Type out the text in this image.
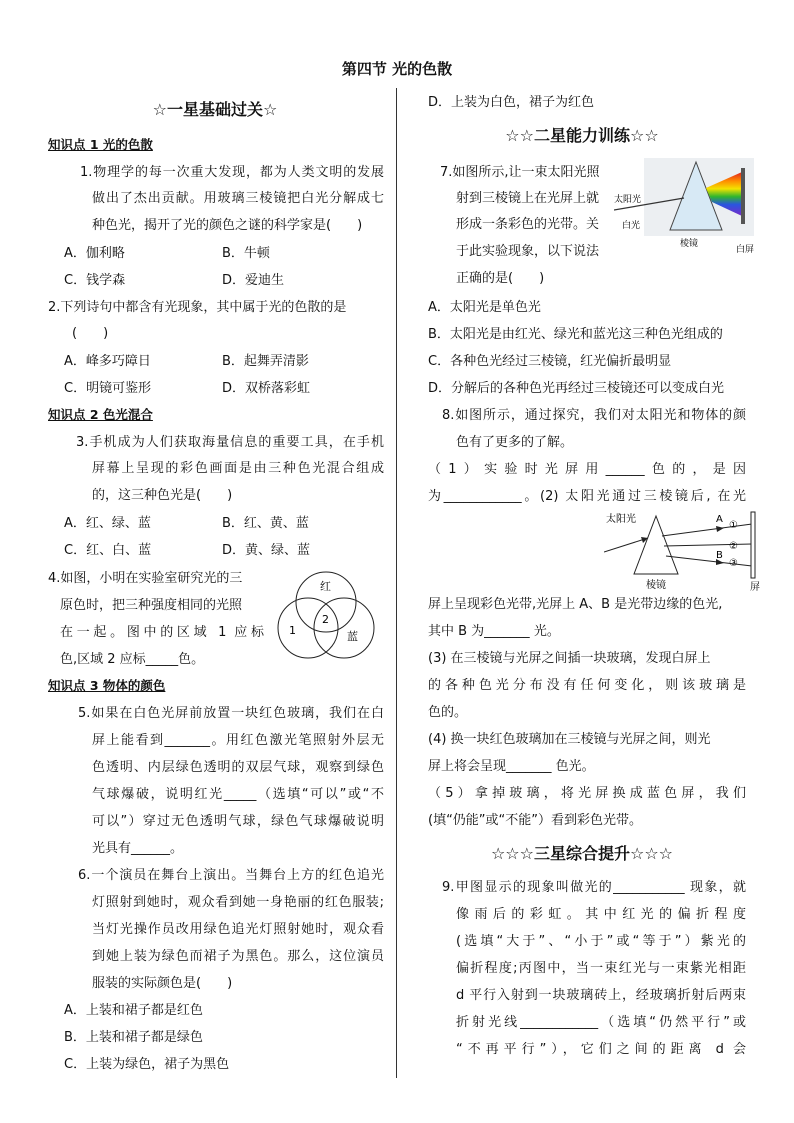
第四节 光的色散
☆一星基础过关☆
知识点 1 光的色散
1.物理学的每一次重大发现，都为人类文明的发展
做出了杰出贡献。用玻璃三棱镜把白光分解成七
种色光，揭开了光的颜色之谜的科学家是(　　)
A．伽利略	B．牛顿
C．钱学森	D．爱迪生
2.下列诗句中都含有光现象，其中属于光的色散的是
(　　)
A．峰多巧障日	B．起舞弄清影
C．明镜可鉴形	D．双桥落彩虹
知识点 2 色光混合
3.手机成为人们获取海量信息的重要工具，在手机
屏幕上呈现的彩色画面是由三种色光混合组成
的，这三种色光是(　　)
A．红、绿、蓝	B．红、黄、蓝
C．红、白、蓝	D．黄、绿、蓝
4.如图，小明在实验室研究光的三
原色时，把三种强度相同的光照
在一起。图中的区域 1 应标
色,区域 2 应标_____色。
红
蓝
1
2
知识点 3 物体的颜色
5.如果在白色光屏前放置一块红色玻璃，我们在白
屏上能看到_______。用红色激光笔照射外层无
色透明、内层绿色透明的双层气球，观察到绿色
气球爆破，说明红光_____（选填“可以”或“不
可以”）穿过无色透明气球，绿色气球爆破说明
光具有______。
6.一个演员在舞台上演出。当舞台上方的红色追光
灯照射到她时，观众看到她一身艳丽的红色服装;
当灯光操作员改用绿色追光灯照射她时，观众看
到她上装为绿色而裙子为黑色。那么，这位演员
服装的实际颜色是(　　)
A．上装和裙子都是红色
B．上装和裙子都是绿色
C．上装为绿色，裙子为黑色
D．上装为白色，裙子为红色
☆☆二星能力训练☆☆
7.如图所示,让一束太阳光照
射到三棱镜上在光屏上就
形成一条彩色的光带。关
于此实验现象，以下说法
正确的是(　　)
太阳光
白光
棱镜
白屏
A．太阳光是单色光
B．太阳光是由红光、绿光和蓝光这三种色光组成的
C．各种色光经过三棱镜，红光偏折最明显
D．分解后的各种色光再经过三棱镜还可以变成白光
8.如图所示，通过探究，我们对太阳光和物体的颜
色有了更多的了解。
（1）实验时光屏用______色的，是因
为____________。(2) 太阳光通过三棱镜后, 在光
太阳光
棱镜
A
B
①
②
③
屏
屏上呈现彩色光带,光屏上 A、B 是光带边缘的色光,
其中 B 为_______ 光。
(3) 在三棱镜与光屏之间插一块玻璃，发现白屏上
的各种色光分布没有任何变化，则该玻璃是
色的。
(4) 换一块红色玻璃加在三棱镜与光屏之间，则光
屏上将会呈现_______ 色光。
（5）拿掉玻璃，将光屏换成蓝色屏，我们
(填“仍能”或“不能”）看到彩色光带。
☆☆☆三星综合提升☆☆☆
9.甲图显示的现象叫做光的___________ 现象，就
像雨后的彩虹。其中红光的偏折程度
(选填“大于”、“小于”或“等于”）紫光的
偏折程度;丙图中，当一束红光与一束紫光相距
d 平行入射到一块玻璃砖上，经玻璃折射后两束
折射光线____________（选填“仍然平行”或
“不再平行”），它们之间的距离 d 会
